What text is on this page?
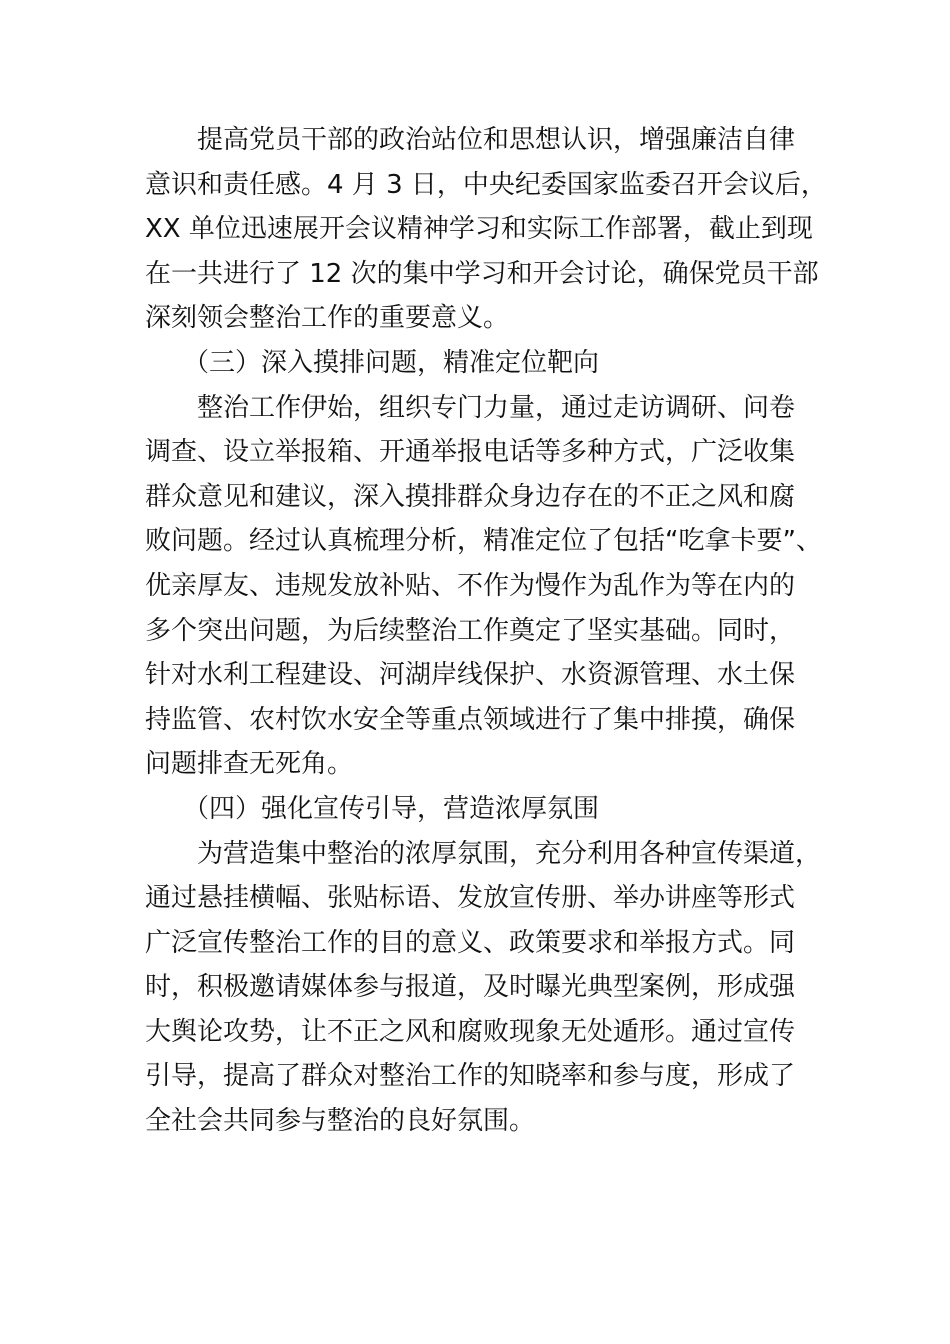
提高党员干部的政治站位和思想认识，增强廉洁自律
意识和责任感。4 月 3 日，中央纪委国家监委召开会议后，
XX 单位迅速展开会议精神学习和实际工作部署，截止到现
在一共进行了 12 次的集中学习和开会讨论，确保党员干部
深刻领会整治工作的重要意义。
（三）深入摸排问题，精准定位靶向
整治工作伊始，组织专门力量，通过走访调研、问卷
调查、设立举报箱、开通举报电话等多种方式，广泛收集
群众意见和建议，深入摸排群众身边存在的不正之风和腐
败问题。经过认真梳理分析，精准定位了包括“吃拿卡要”、
优亲厚友、违规发放补贴、不作为慢作为乱作为等在内的
多个突出问题，为后续整治工作奠定了坚实基础。同时，
针对水利工程建设、河湖岸线保护、水资源管理、水土保
持监管、农村饮水安全等重点领域进行了集中排摸，确保
问题排查无死角。
（四）强化宣传引导，营造浓厚氛围
为营造集中整治的浓厚氛围，充分利用各种宣传渠道，
通过悬挂横幅、张贴标语、发放宣传册、举办讲座等形式
广泛宣传整治工作的目的意义、政策要求和举报方式。同
时，积极邀请媒体参与报道，及时曝光典型案例，形成强
大舆论攻势，让不正之风和腐败现象无处遁形。通过宣传
引导，提高了群众对整治工作的知晓率和参与度，形成了
全社会共同参与整治的良好氛围。
